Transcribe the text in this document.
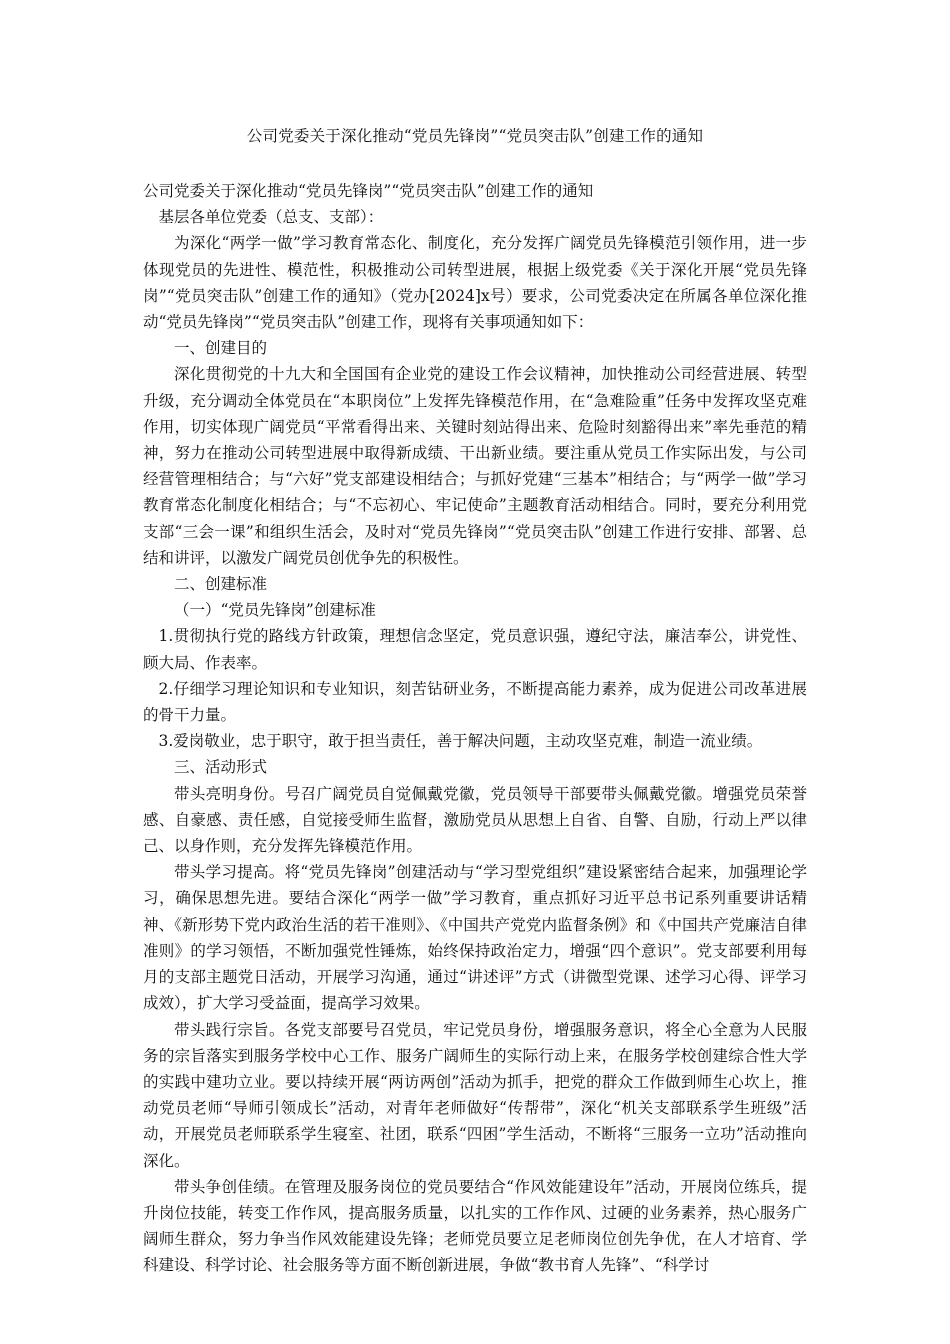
公司党委关于深化推动“党员先锋岗”“党员突击队”创建工作的通知

公司党委关于深化推动“党员先锋岗”“党员突击队”创建工作的通知

基层各单位党委（总支、支部）：

为深化“两学一做”学习教育常态化、制度化，充分发挥广阔党员先锋模范引领作用，进一步体现党员的先进性、模范性，积极推动公司转型进展，根据上级党委《关于深化开展“党员先锋岗”“党员突击队”创建工作的通知》（党办[2024]x号）要求，公司党委决定在所属各单位深化推动“党员先锋岗”“党员突击队”创建工作，现将有关事项通知如下：

一、创建目的

深化贯彻党的十九大和全国国有企业党的建设工作会议精神，加快推动公司经营进展、转型升级，充分调动全体党员在“本职岗位”上发挥先锋模范作用，在“急难险重”任务中发挥攻坚克难作用，切实体现广阔党员“平常看得出来、关键时刻站得出来、危险时刻豁得出来”率先垂范的精神，努力在推动公司转型进展中取得新成绩、干出新业绩。要注重从党员工作实际出发，与公司经营管理相结合；与“六好”党支部建设相结合；与抓好党建“三基本”相结合；与“两学一做”学习教育常态化制度化相结合；与“不忘初心、牢记使命”主题教育活动相结合。同时，要充分利用党支部“三会一课”和组织生活会，及时对“党员先锋岗”“党员突击队”创建工作进行安排、部署、总结和讲评，以激发广阔党员创优争先的积极性。

二、创建标准

（一）“党员先锋岗”创建标准

1.贯彻执行党的路线方针政策，理想信念坚定，党员意识强，遵纪守法，廉洁奉公，讲党性、顾大局、作表率。

2.仔细学习理论知识和专业知识，刻苦钻研业务，不断提高能力素养，成为促进公司改革进展的骨干力量。

3.爱岗敬业，忠于职守，敢于担当责任，善于解决问题，主动攻坚克难，制造一流业绩。

三、活动形式

带头亮明身份。号召广阔党员自觉佩戴党徽，党员领导干部要带头佩戴党徽。增强党员荣誉感、自豪感、责任感，自觉接受师生监督，激励党员从思想上自省、自警、自励，行动上严以律己、以身作则，充分发挥先锋模范作用。

带头学习提高。将“党员先锋岗”创建活动与“学习型党组织”建设紧密结合起来，加强理论学习，确保思想先进。要结合深化“两学一做”学习教育，重点抓好习近平总书记系列重要讲话精神、《新形势下党内政治生活的若干准则》、《中国共产党党内监督条例》和《中国共产党廉洁自律准则》的学习领悟，不断加强党性锤炼，始终保持政治定力，增强“四个意识”。党支部要利用每月的支部主题党日活动，开展学习沟通，通过“讲述评”方式（讲微型党课、述学习心得、评学习成效），扩大学习受益面，提高学习效果。

带头践行宗旨。各党支部要号召党员，牢记党员身份，增强服务意识，将全心全意为人民服务的宗旨落实到服务学校中心工作、服务广阔师生的实际行动上来，在服务学校创建综合性大学的实践中建功立业。要以持续开展“两访两创”活动为抓手，把党的群众工作做到师生心坎上，推动党员老师“导师引领成长”活动，对青年老师做好“传帮带”，深化“机关支部联系学生班级”活动，开展党员老师联系学生寝室、社团，联系“四困”学生活动，不断将“三服务一立功”活动推向深化。

带头争创佳绩。在管理及服务岗位的党员要结合“作风效能建设年”活动，开展岗位练兵，提升岗位技能，转变工作作风，提高服务质量，以扎实的工作作风、过硬的业务素养，热心服务广阔师生群众，努力争当作风效能建设先锋；老师党员要立足老师岗位创先争优，在人才培育、学科建设、科学讨论、社会服务等方面不断创新进展，争做“教书育人先锋”、“科学讨
